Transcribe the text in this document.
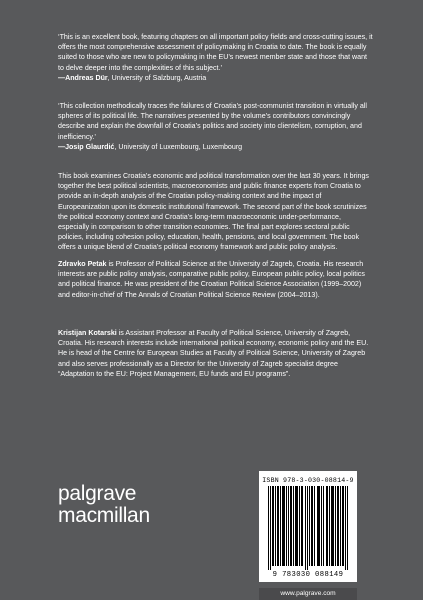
‘This is an excellent book, featuring chapters on all important policy fields and cross-cutting issues, it offers the most comprehensive assessment of policymaking in Croatia to date. The book is equally suited to those who are new to policymaking in the EU’s newest member state and those that want to delve deeper into the complexities of this subject.’

—Andreas Dür, University of Salzburg, Austria

‘This collection methodically traces the failures of Croatia’s post-communist transition in virtually all spheres of its political life. The narratives presented by the volume’s contributors convincingly describe and explain the downfall of Croatia’s politics and society into clientelism, corruption, and inefficiency.’

—Josip Glaurdić, University of Luxembourg, Luxembourg

This book examines Croatia’s economic and political transformation over the last 30 years. It brings together the best political scientists, macroeconomists and public finance experts from Croatia to provide an in-depth analysis of the Croatian policy-making context and the impact of Europeanization upon its domestic institutional framework. The second part of the book scrutinizes the political economy context and Croatia’s long-term macroeconomic under-performance, especially in comparison to other transition economies. The final part explores sectoral public policies, including cohesion policy, education, health, pensions, and local government. The book offers a unique blend of Croatia’s political economy framework and public policy analysis.

Zdravko Petak is Professor of Political Science at the University of Zagreb, Croatia. His research interests are public policy analysis, comparative public policy, European public policy, local politics and political finance. He was president of the Croatian Political Science Association (1999–2002) and editor-in-chief of The Annals of Croatian Political Science Review (2004–2013).

Kristijan Kotarski is Assistant Professor at Faculty of Political Science, University of Zagreb, Croatia. His research interests include international political economy, economic policy and the EU. He is head of the Centre for European Studies at Faculty of Political Science, University of Zagreb and also serves professionally as a Director for the University of Zagreb specialist degree “Adaptation to the EU: Project Management, EU funds and EU programs”.

palgrave
macmillan
ISBN 978-3-030-08814-9
9 783030 088149
www.palgrave.com
